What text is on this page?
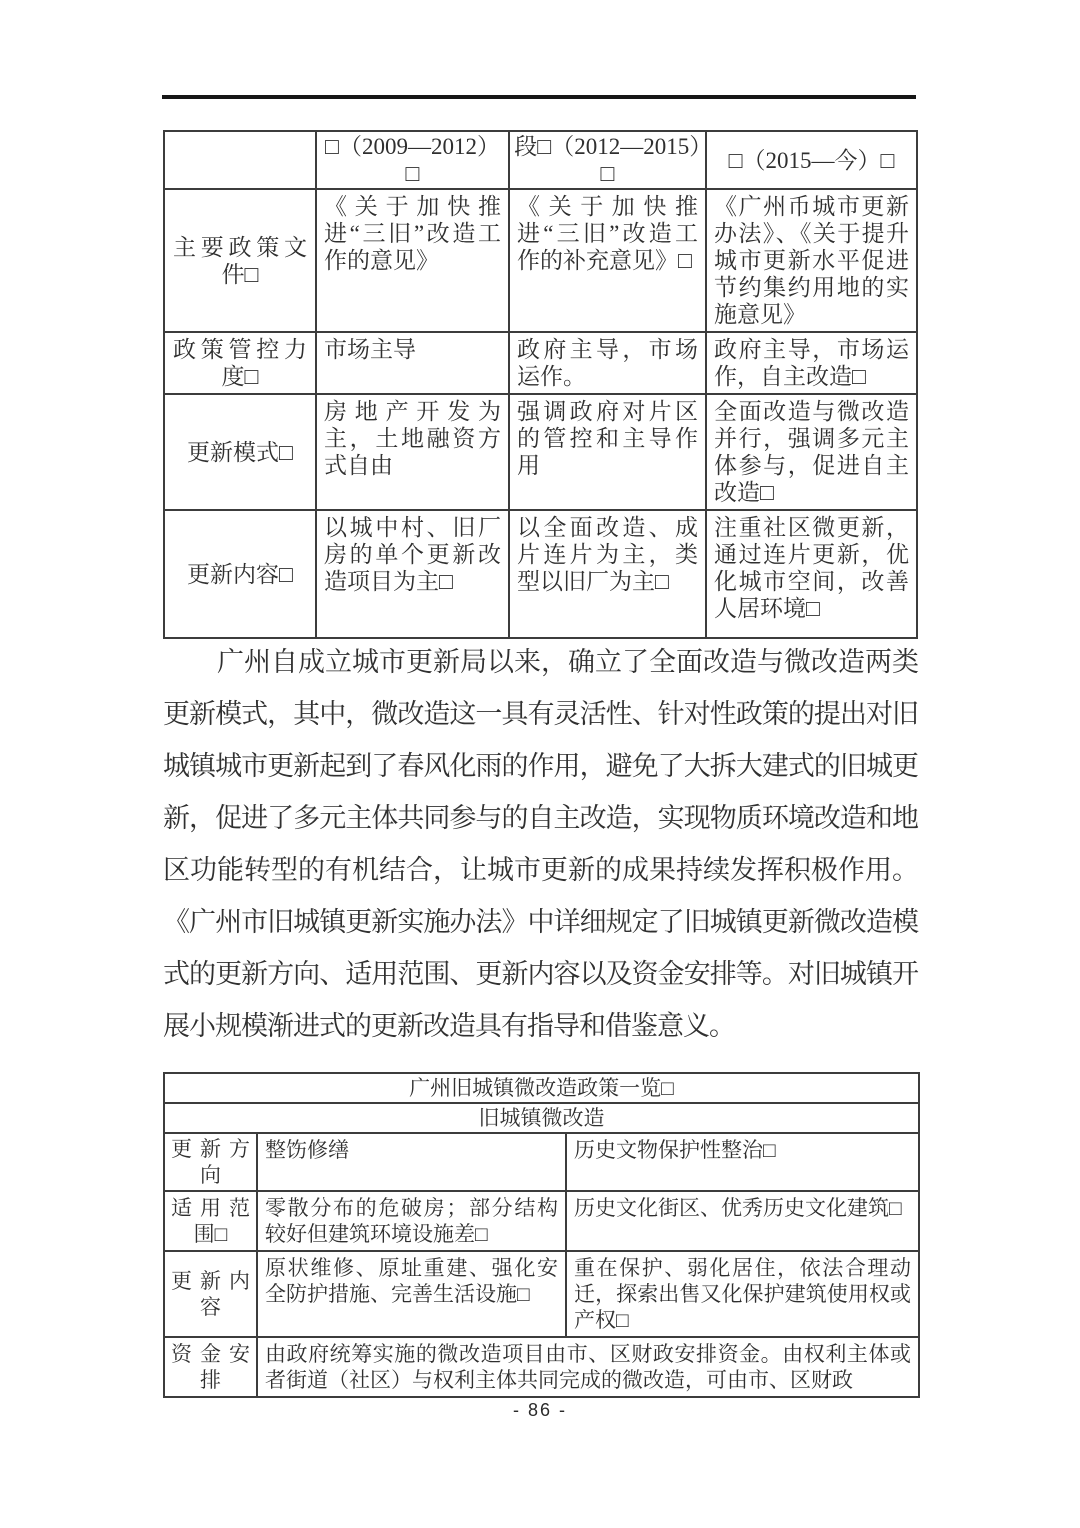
	□（2009—2012）□	段□（2012—2015）□	□（2015—今）□
主要政策文件□	《关于加快推进“三旧”改造工作的意见》	《关于加快推进“三旧”改造工作的补充意见》□	《广州币城市更新办法》、《关于提升城市更新水平促进节约集约用地的实施意见》
政策管控力度□	市场主导	政府主导，市场运作。	政府主导，市场运作，自主改造□
更新模式□	房地产开发为主，土地融资方式自由	强调政府对片区的管控和主导作用	全面改造与微改造并行，强调多元主体参与，促进自主改造□
更新内容□	以城中村、旧厂房的单个更新改造项目为主□	以全面改造、成片连片为主，类型以旧厂为主□	注重社区微更新，通过连片更新，优化城市空间，改善人居环境□

广州自成立城市更新局以来，确立了全面改造与微改造两类更新模式，其中，微改造这一具有灵活性、针对性政策的提出对旧城镇城市更新起到了春风化雨的作用，避免了大拆大建式的旧城更新，促进了多元主体共同参与的自主改造，实现物质环境改造和地区功能转型的有机结合，让城市更新的成果持续发挥积极作用。《广州市旧城镇更新实施办法》中详细规定了旧城镇更新微改造模式的更新方向、适用范围、更新内容以及资金安排等。对旧城镇开展小规模渐进式的更新改造具有指导和借鉴意义。

广州旧城镇微改造政策一览□		
旧城镇微改造		
更新方向	整饬修缮	历史文物保护性整治□
适用范围□	零散分布的危破房；部分结构较好但建筑环境设施差□	历史文化街区、优秀历史文化建筑□
更新内容	原状维修、原址重建、强化安全防护措施、完善生活设施□	重在保护、弱化居住，依法合理动迁，探索出售又化保护建筑使用权或产权□
资金安排	由政府统筹实施的微改造项目由市、区财政安排资金。由权利主体或者街道（社区）与权利主体共同完成的微改造，可由市、区财政	
- 86 -
